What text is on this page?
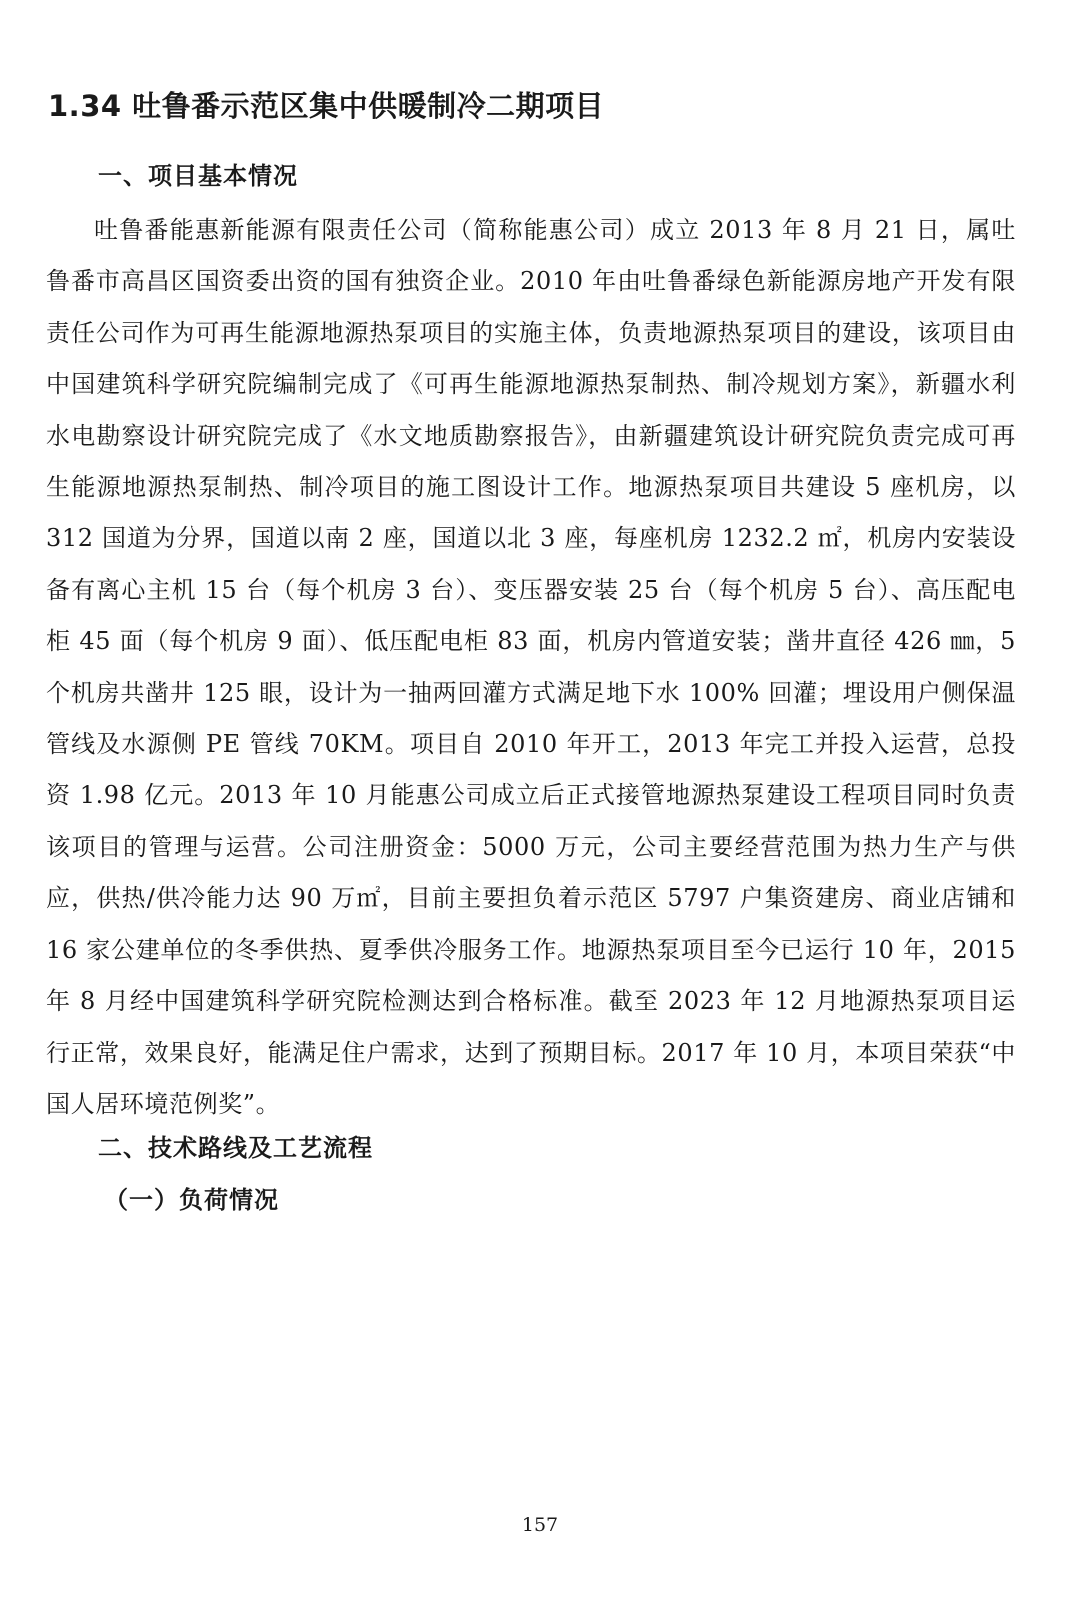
1.34 吐鲁番示范区集中供暖制冷二期项目
一、项目基本情况

吐鲁番能惠新能源有限责任公司（简称能惠公司）成立 2013 年 8 月 21 日，属吐鲁番市高昌区国资委出资的国有独资企业。2010 年由吐鲁番绿色新能源房地产开发有限责任公司作为可再生能源地源热泵项目的实施主体，负责地源热泵项目的建设，该项目由中国建筑科学研究院编制完成了《可再生能源地源热泵制热、制冷规划方案》，新疆水利水电勘察设计研究院完成了《水文地质勘察报告》，由新疆建筑设计研究院负责完成可再生能源地源热泵制热、制冷项目的施工图设计工作。地源热泵项目共建设 5 座机房，以 312 国道为分界，国道以南 2 座，国道以北 3 座，每座机房 1232.2 ㎡，机房内安装设备有离心主机 15 台（每个机房 3 台）、变压器安装 25 台（每个机房 5 台）、高压配电柜 45 面（每个机房 9 面）、低压配电柜 83 面，机房内管道安装；凿井直径 426 ㎜，5 个机房共凿井 125 眼，设计为一抽两回灌方式满足地下水 100% 回灌；埋设用户侧保温管线及水源侧 PE 管线 70KM。项目自 2010 年开工，2013 年完工并投入运营，总投资 1.98 亿元。2013 年 10 月能惠公司成立后正式接管地源热泵建设工程项目同时负责该项目的管理与运营。公司注册资金：5000 万元，公司主要经营范围为热力生产与供应，供热/供冷能力达 90 万㎡，目前主要担负着示范区 5797 户集资建房、商业店铺和 16 家公建单位的冬季供热、夏季供冷服务工作。地源热泵项目至今已运行 10 年，2015 年 8 月经中国建筑科学研究院检测达到合格标准。截至 2023 年 12 月地源热泵项目运行正常，效果良好，能满足住户需求，达到了预期目标。2017 年 10 月，本项目荣获“中国人居环境范例奖”。

二、技术路线及工艺流程
（一）负荷情况
157
